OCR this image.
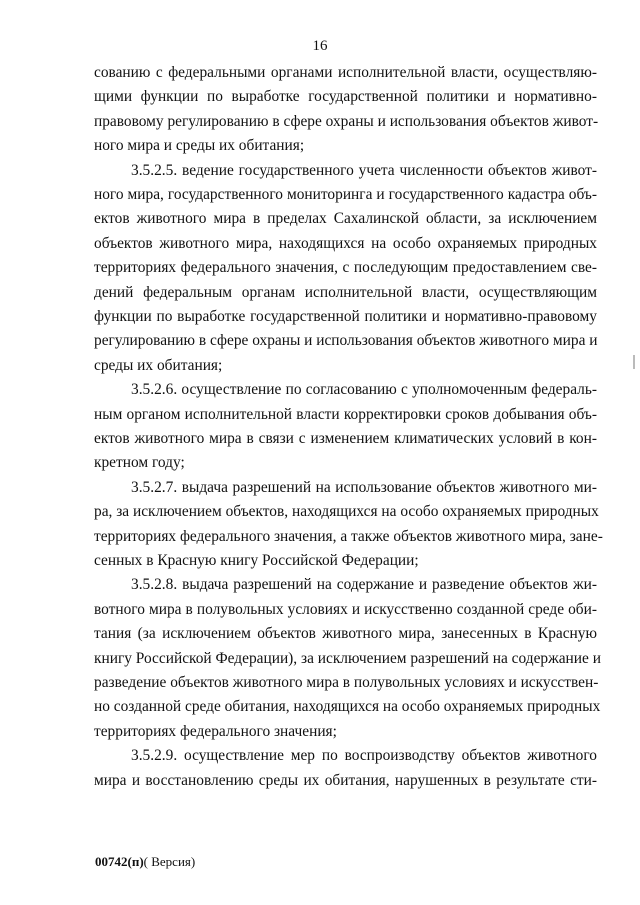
16
сованию с федеральными органами исполнительной власти, осуществляю-
щими функции по выработке государственной политики и нормативно-
правовому регулированию в сфере охраны и использования объектов живот-
ного мира и среды их обитания;
3.5.2.5. ведение государственного учета численности объектов живот-
ного мира, государственного мониторинга и государственного кадастра объ-
ектов животного мира в пределах Сахалинской области, за исключением
объектов животного мира, находящихся на особо охраняемых природных
территориях федерального значения, с последующим предоставлением све-
дений федеральным органам исполнительной власти, осуществляющим
функции по выработке государственной политики и нормативно-правовому
регулированию в сфере охраны и использования объектов животного мира и
среды их обитания;
3.5.2.6. осуществление по согласованию с уполномоченным федераль-
ным органом исполнительной власти корректировки сроков добывания объ-
ектов животного мира в связи с изменением климатических условий в кон-
кретном году;
3.5.2.7. выдача разрешений на использование объектов животного ми-
ра, за исключением объектов, находящихся на особо охраняемых природных
территориях федерального значения, а также объектов животного мира, зане-
сенных в Красную книгу Российской Федерации;
3.5.2.8. выдача разрешений на содержание и разведение объектов жи-
вотного мира в полувольных условиях и искусственно созданной среде оби-
тания (за исключением объектов животного мира, занесенных в Красную
книгу Российской Федерации), за исключением разрешений на содержание и
разведение объектов животного мира в полувольных условиях и искусствен-
но созданной среде обитания, находящихся на особо охраняемых природных
территориях федерального значения;
3.5.2.9. осуществление мер по воспроизводству объектов животного
мира и восстановлению среды их обитания, нарушенных в результате сти-
00742(п)( Версия)
